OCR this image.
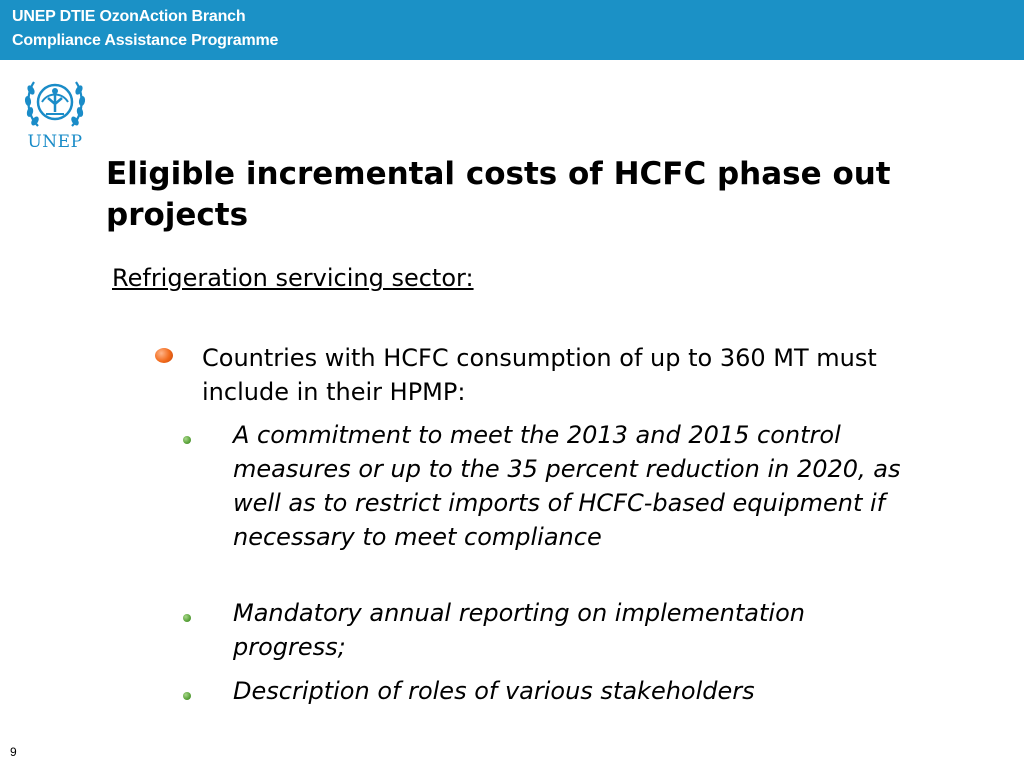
UNEP DTIE OzonAction Branch
Compliance Assistance Programme
UNEP
Eligible incremental costs of HCFC phase out projects

Refrigeration servicing sector:

Countries with HCFC consumption of up to 360 MT must include in their HPMP:

A commitment to meet the 2013 and 2015 control measures or up to the 35 percent reduction in 2020, as well as to restrict imports of HCFC-based equipment if necessary to meet compliance

Mandatory annual reporting on implementation progress;

Description of roles of various stakeholders

9
